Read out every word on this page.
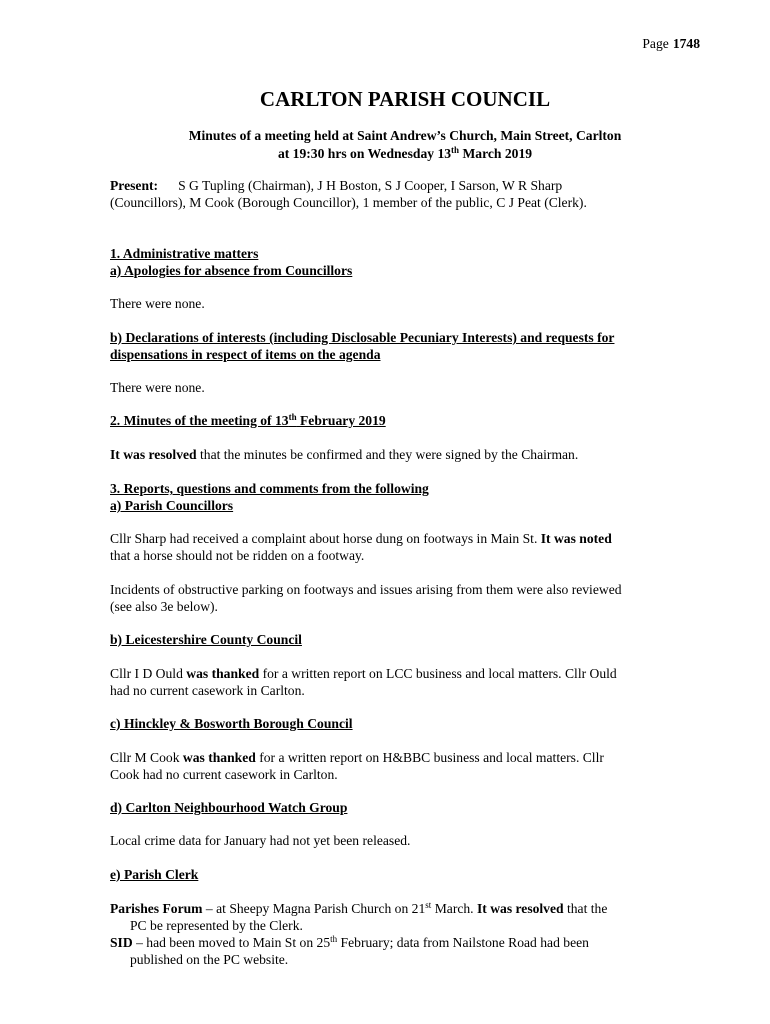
Page 1748
CARLTON PARISH COUNCIL
Minutes of a meeting held at Saint Andrew’s Church, Main Street, Carlton
at 19:30 hrs on Wednesday 13th March 2019
Present: S G Tupling (Chairman), J H Boston, S J Cooper, I Sarson, W R Sharp
(Councillors), M Cook (Borough Councillor), 1 member of the public, C J Peat (Clerk).
1. Administrative matters
a) Apologies for absence from Councillors
There were none.
b) Declarations of interests (including Disclosable Pecuniary Interests) and requests for
dispensations in respect of items on the agenda
There were none.
2. Minutes of the meeting of 13th February 2019
It was resolved that the minutes be confirmed and they were signed by the Chairman.
3. Reports, questions and comments from the following
a) Parish Councillors
Cllr Sharp had received a complaint about horse dung on footways in Main St. It was noted
that a horse should not be ridden on a footway.
Incidents of obstructive parking on footways and issues arising from them were also reviewed
(see also 3e below).
b) Leicestershire County Council
Cllr I D Ould was thanked for a written report on LCC business and local matters. Cllr Ould
had no current casework in Carlton.
c) Hinckley & Bosworth Borough Council
Cllr M Cook was thanked for a written report on H&BBC business and local matters. Cllr
Cook had no current casework in Carlton.
d) Carlton Neighbourhood Watch Group
Local crime data for January had not yet been released.
e) Parish Clerk
Parishes Forum – at Sheepy Magna Parish Church on 21st March. It was resolved that the
PC be represented by the Clerk.
SID – had been moved to Main St on 25th February; data from Nailstone Road had been
published on the PC website.
